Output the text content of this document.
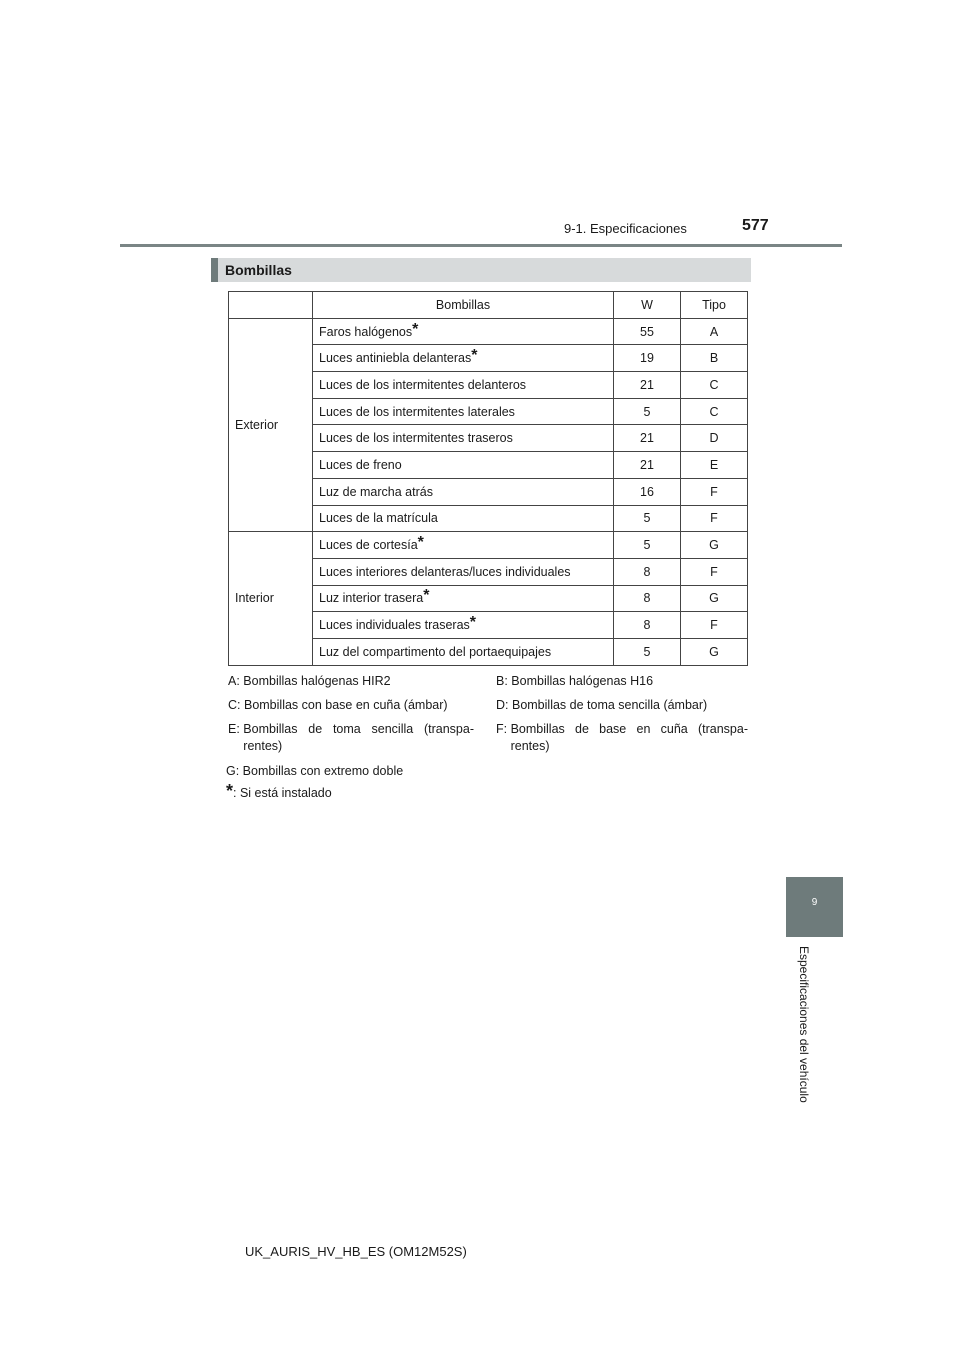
9-1. Especificaciones	577
Bombillas
	Bombillas	W	Tipo
Exterior	Faros halógenos*	55	A
	Luces antiniebla delanteras*	19	B
	Luces de los intermitentes delanteros	21	C
	Luces de los intermitentes laterales	5	C
	Luces de los intermitentes traseros	21	D
	Luces de freno	21	E
	Luz de marcha atrás	16	F
	Luces de la matrícula	5	F
Interior	Luces de cortesía*	5	G
	Luces interiores delanteras/luces individuales	8	F
	Luz interior trasera*	8	G
	Luces individuales traseras*	8	F
	Luz del compartimento del portaequipajes	5	G
A: Bombillas halógenas HIR2	B: Bombillas halógenas H16
C: Bombillas con base en cuña (ámbar)	D: Bombillas de toma sencilla (ámbar)
E: Bombillas de toma sencilla (transpa-rentes)
F: Bombillas de base en cuña (transpa-rentes)
G: Bombillas con extremo doble
*: Si está instalado
9
Especificaciones del vehículo
UK_AURIS_HV_HB_ES (OM12M52S)
